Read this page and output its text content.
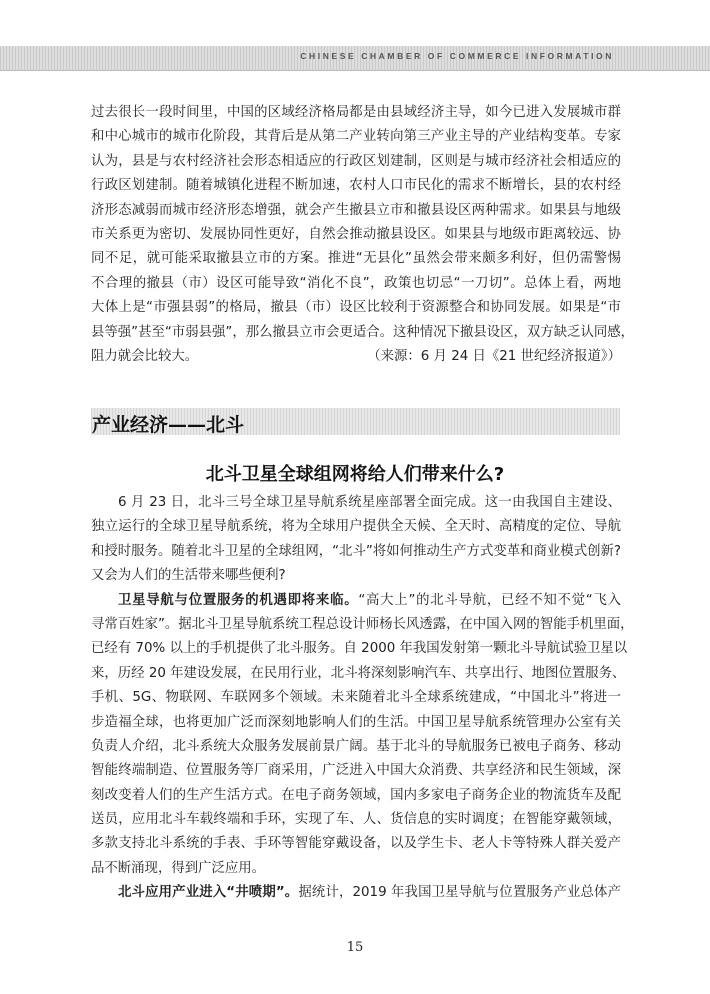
CHINESE CHAMBER OF COMMERCE INFORMATION
过去很长一段时间里，中国的区域经济格局都是由县域经济主导，如今已进入发展城市群
和中心城市的城市化阶段，其背后是从第二产业转向第三产业主导的产业结构变革。专家
认为，县是与农村经济社会形态相适应的行政区划建制，区则是与城市经济社会相适应的
行政区划建制。随着城镇化进程不断加速，农村人口市民化的需求不断增长，县的农村经
济形态减弱而城市经济形态增强，就会产生撤县立市和撤县设区两种需求。如果县与地级
市关系更为密切、发展协同性更好，自然会推动撤县设区。如果县与地级市距离较远、协
同不足，就可能采取撤县立市的方案。推进“无县化”虽然会带来颇多利好，但仍需警惕
不合理的撤县（市）设区可能导致“消化不良”，政策也切忌“一刀切”。总体上看，两地
大体上是“市强县弱”的格局，撤县（市）设区比较利于资源整合和协同发展。如果是“市
县等强”甚至“市弱县强”，那么撤县立市会更适合。这种情况下撤县设区，双方缺乏认同感，
阻力就会比较大。	（来源：6 月 24 日《21 世纪经济报道》）
产业经济——北斗
北斗卫星全球组网将给人们带来什么?
6 月 23 日，北斗三号全球卫星导航系统星座部署全面完成。这一由我国自主建设、
独立运行的全球卫星导航系统，将为全球用户提供全天候、全天时、高精度的定位、导航
和授时服务。随着北斗卫星的全球组网，“北斗”将如何推动生产方式变革和商业模式创新?
又会为人们的生活带来哪些便利?
卫星导航与位置服务的机遇即将来临。“高大上”的北斗导航，已经不知不觉“飞入
寻常百姓家”。据北斗卫星导航系统工程总设计师杨长风透露，在中国入网的智能手机里面，
已经有 70% 以上的手机提供了北斗服务。自 2000 年我国发射第一颗北斗导航试验卫星以
来，历经 20 年建设发展，在民用行业，北斗将深刻影响汽车、共享出行、地图位置服务、
手机、5G、物联网、车联网多个领域。未来随着北斗全球系统建成，“中国北斗”将进一
步造福全球，也将更加广泛而深刻地影响人们的生活。中国卫星导航系统管理办公室有关
负责人介绍，北斗系统大众服务发展前景广阔。基于北斗的导航服务已被电子商务、移动
智能终端制造、位置服务等厂商采用，广泛进入中国大众消费、共享经济和民生领域，深
刻改变着人们的生产生活方式。在电子商务领域，国内多家电子商务企业的物流货车及配
送员，应用北斗车载终端和手环，实现了车、人、货信息的实时调度；在智能穿戴领域，
多款支持北斗系统的手表、手环等智能穿戴设备，以及学生卡、老人卡等特殊人群关爱产
品不断涌现，得到广泛应用。
北斗应用产业进入“井喷期”。据统计，2019 年我国卫星导航与位置服务产业总体产
15
